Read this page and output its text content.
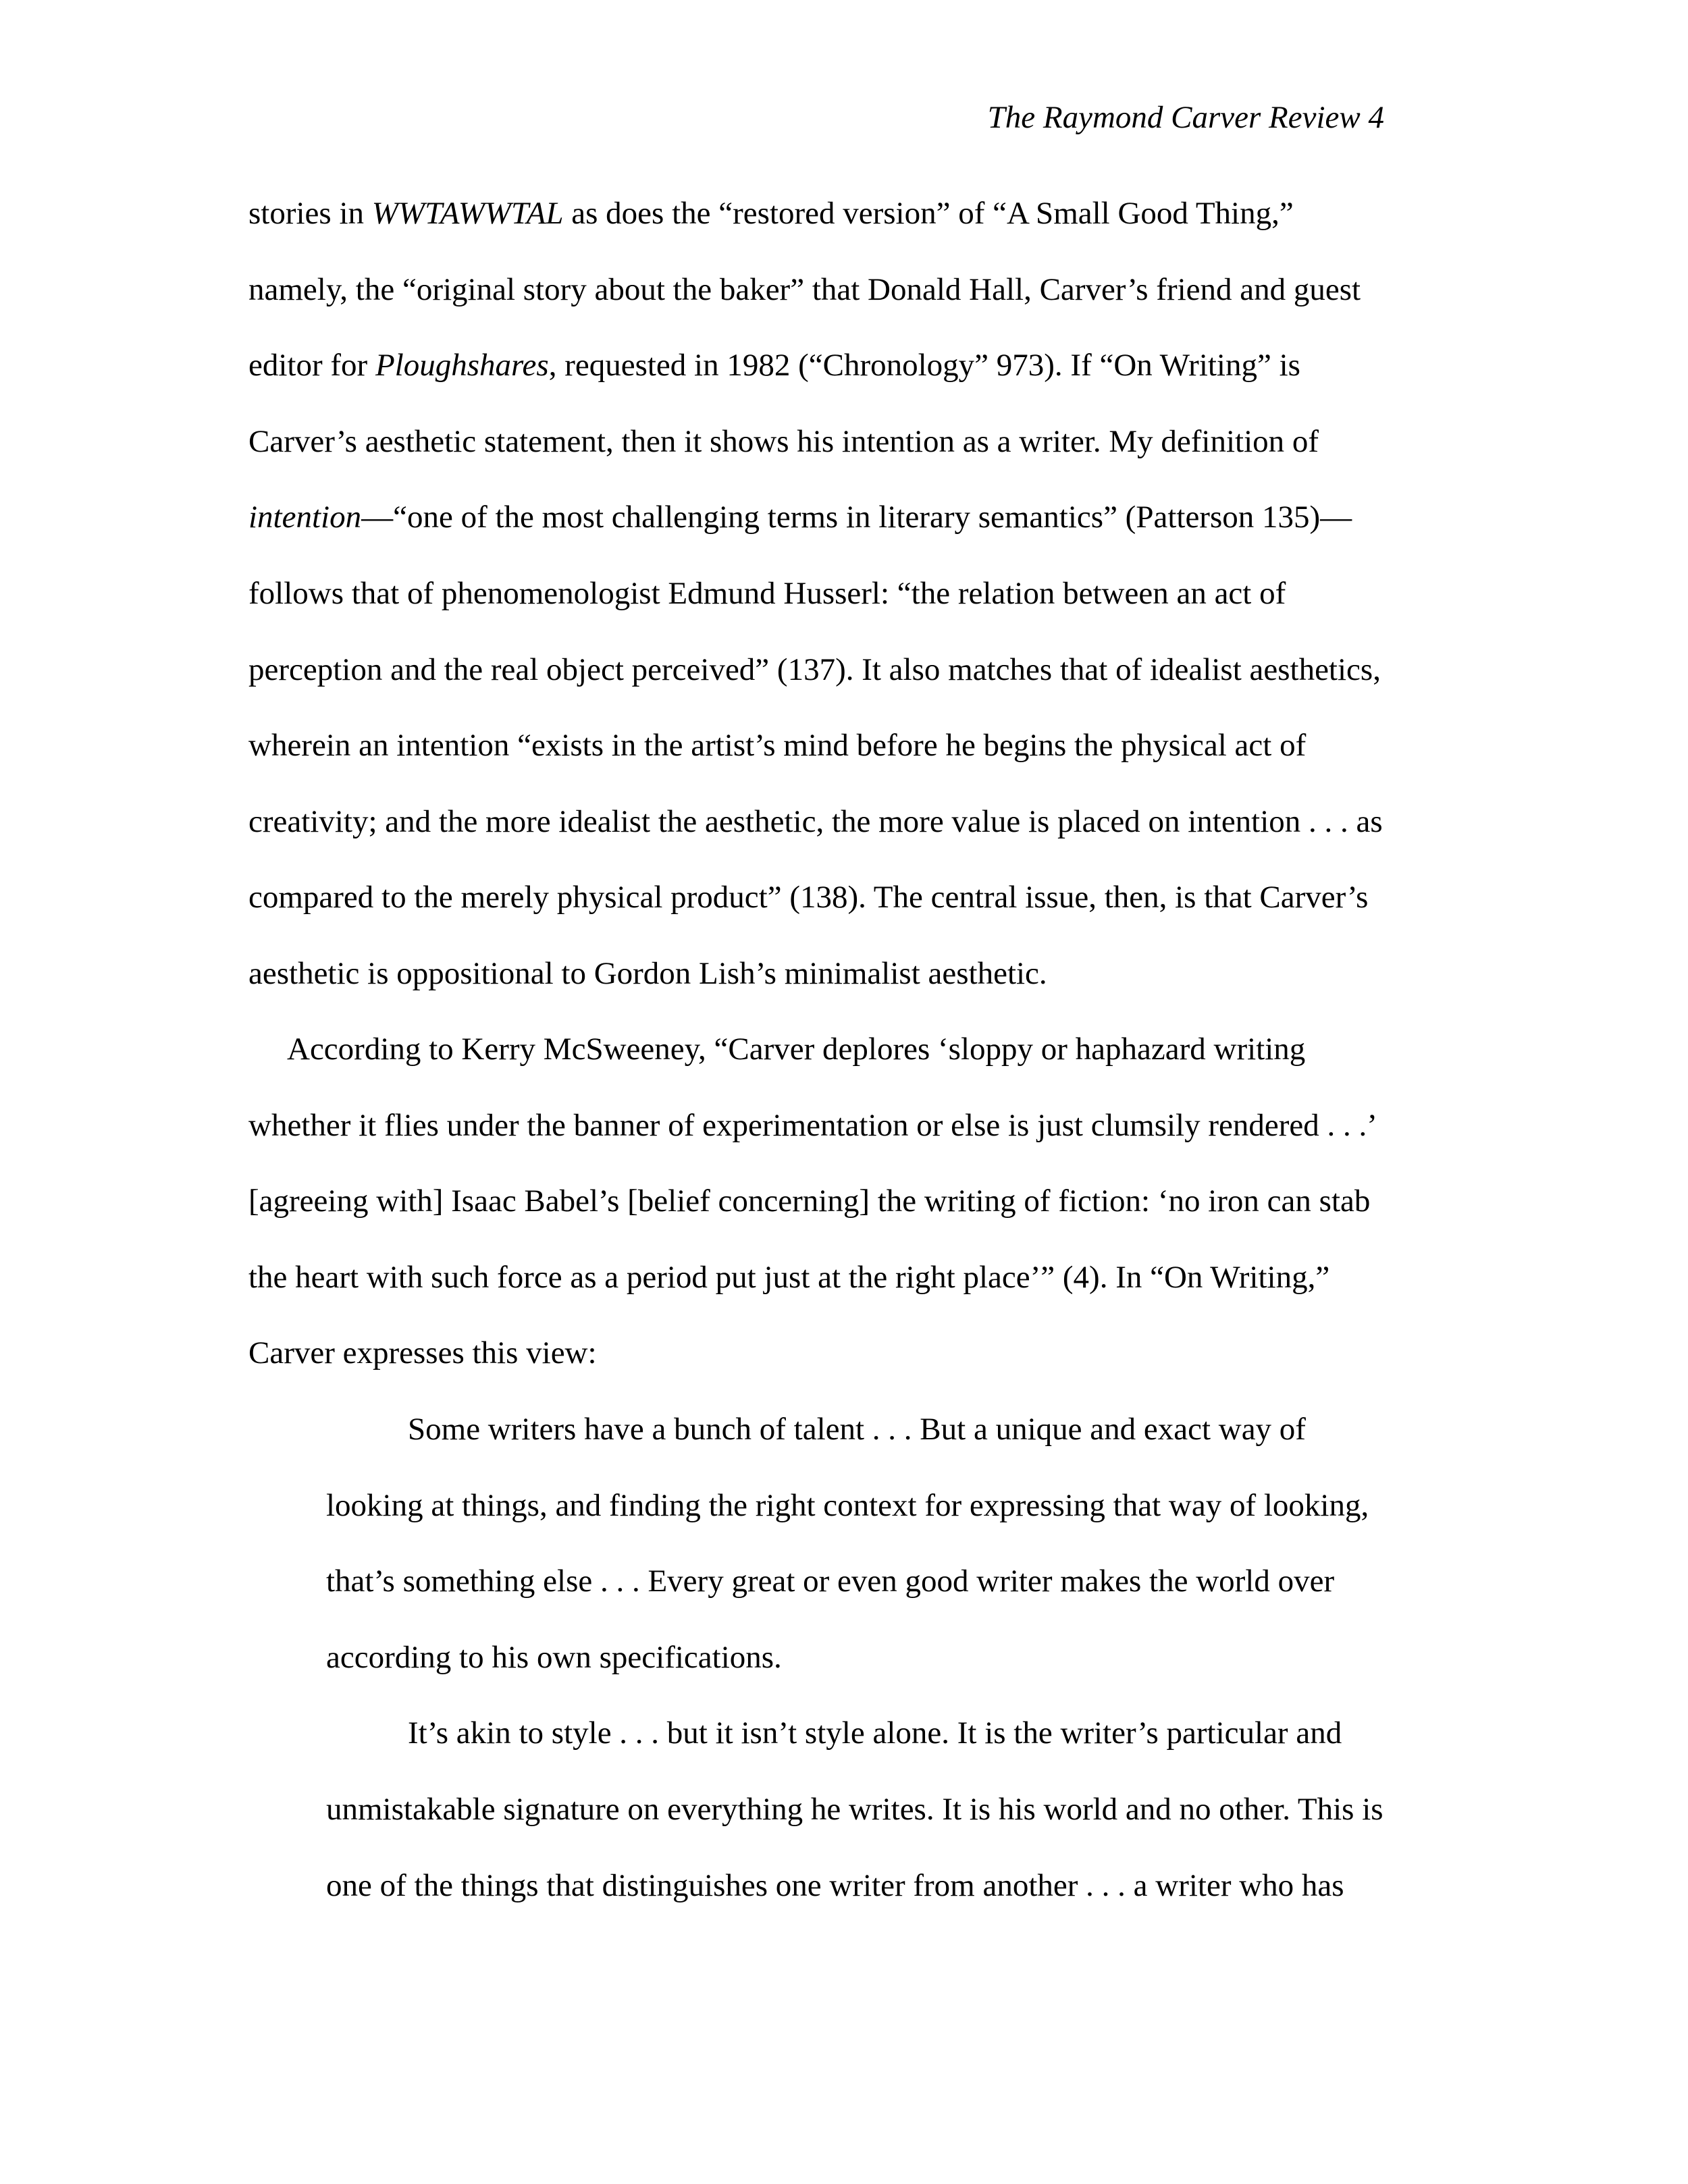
The Raymond Carver Review 4
stories in WWTAWWTAL as does the “restored version” of “A Small Good Thing,”
namely, the “original story about the baker” that Donald Hall, Carver’s friend and guest
editor for Ploughshares, requested in 1982 (“Chronology” 973). If “On Writing” is
Carver’s aesthetic statement, then it shows his intention as a writer. My definition of
intention—“one of the most challenging terms in literary semantics” (Patterson 135)—
follows that of phenomenologist Edmund Husserl: “the relation between an act of
perception and the real object perceived” (137). It also matches that of idealist aesthetics,
wherein an intention “exists in the artist’s mind before he begins the physical act of
creativity; and the more idealist the aesthetic, the more value is placed on intention . . . as
compared to the merely physical product” (138). The central issue, then, is that Carver’s
aesthetic is oppositional to Gordon Lish’s minimalist aesthetic.
According to Kerry McSweeney, “Carver deplores ‘sloppy or haphazard writing
whether it flies under the banner of experimentation or else is just clumsily rendered . . .’
[agreeing with] Isaac Babel’s [belief concerning] the writing of fiction: ‘no iron can stab
the heart with such force as a period put just at the right place’” (4). In “On Writing,”
Carver expresses this view:
Some writers have a bunch of talent . . . But a unique and exact way of
looking at things, and finding the right context for expressing that way of looking,
that’s something else . . . Every great or even good writer makes the world over
according to his own specifications.
It’s akin to style . . . but it isn’t style alone. It is the writer’s particular and
unmistakable signature on everything he writes. It is his world and no other. This is
one of the things that distinguishes one writer from another . . . a writer who has
